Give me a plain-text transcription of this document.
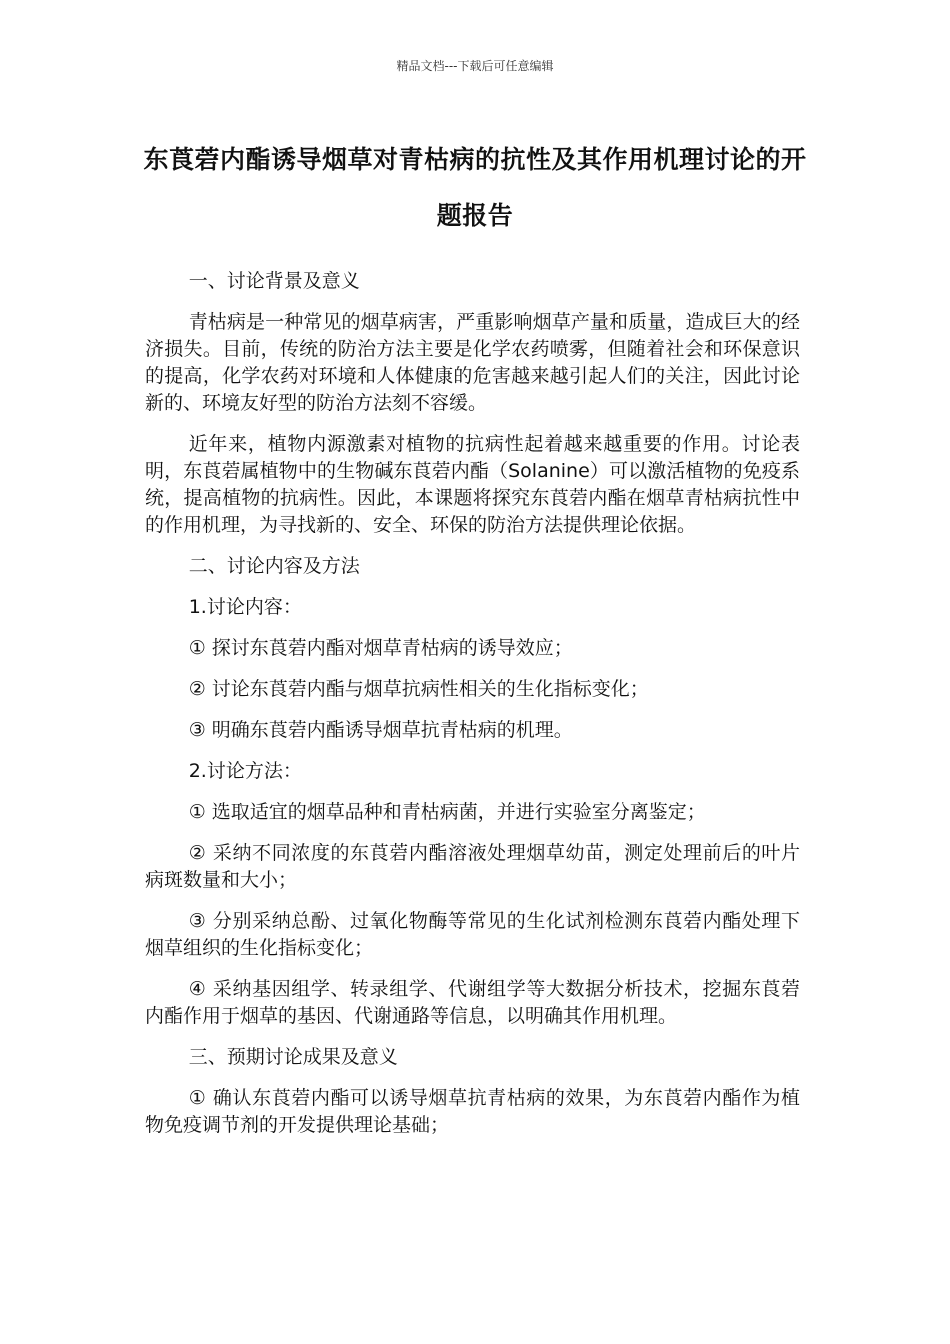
精品文档---下载后可任意编辑
东莨菪内酯诱导烟草对青枯病的抗性及其作用机理讨论的开题报告

一、讨论背景及意义

青枯病是一种常见的烟草病害，严重影响烟草产量和质量，造成巨大的经济损失。目前，传统的防治方法主要是化学农药喷雾，但随着社会和环保意识的提高，化学农药对环境和人体健康的危害越来越引起人们的关注，因此讨论新的、环境友好型的防治方法刻不容缓。

近年来，植物内源激素对植物的抗病性起着越来越重要的作用。讨论表明，东莨菪属植物中的生物碱东莨菪内酯（Solanine）可以激活植物的免疫系统，提高植物的抗病性。因此，本课题将探究东莨菪内酯在烟草青枯病抗性中的作用机理，为寻找新的、安全、环保的防治方法提供理论依据。

二、讨论内容及方法

1.讨论内容：

① 探讨东莨菪内酯对烟草青枯病的诱导效应；

② 讨论东莨菪内酯与烟草抗病性相关的生化指标变化；

③ 明确东莨菪内酯诱导烟草抗青枯病的机理。

2.讨论方法：

① 选取适宜的烟草品种和青枯病菌，并进行实验室分离鉴定；

② 采纳不同浓度的东莨菪内酯溶液处理烟草幼苗，测定处理前后的叶片病斑数量和大小；

③ 分别采纳总酚、过氧化物酶等常见的生化试剂检测东莨菪内酯处理下烟草组织的生化指标变化；

④ 采纳基因组学、转录组学、代谢组学等大数据分析技术，挖掘东莨菪内酯作用于烟草的基因、代谢通路等信息，以明确其作用机理。

三、预期讨论成果及意义

① 确认东莨菪内酯可以诱导烟草抗青枯病的效果，为东莨菪内酯作为植物免疫调节剂的开发提供理论基础；
